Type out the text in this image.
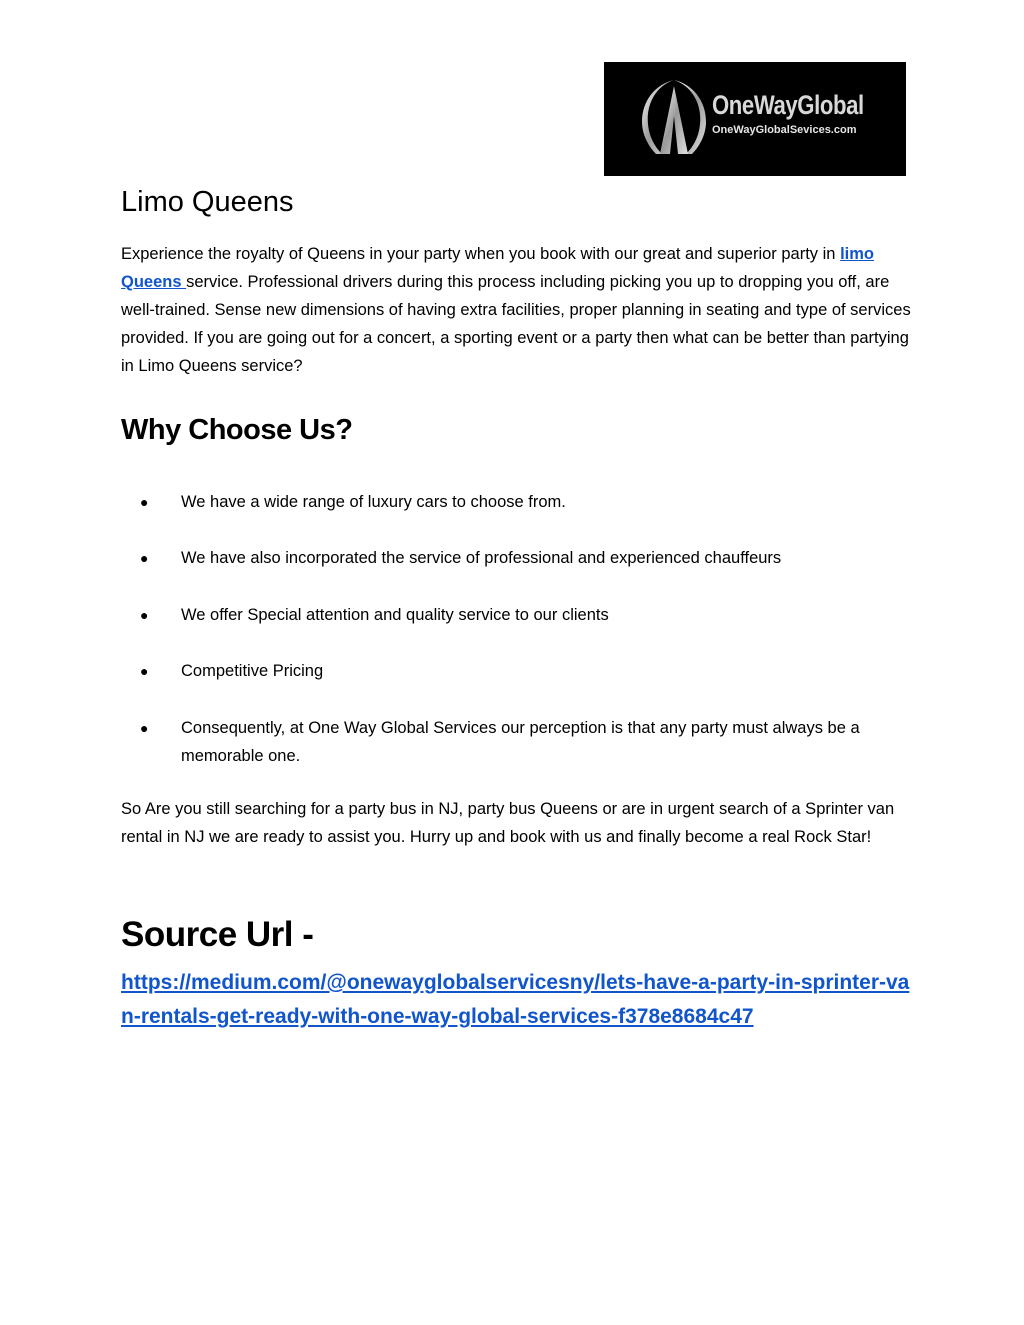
OneWayGlobal
OneWayGlobalSevices.com
Limo Queens

Experience the royalty of Queens in your party when you book with our great and superior party in limo Queens service. Professional drivers during this process including picking you up to dropping you off, are well-trained. Sense new dimensions of having extra facilities, proper planning in seating and type of services provided. If you are going out for a concert, a sporting event or a party then what can be better than partying in Limo Queens service?

Why Choose Us?
● We have a wide range of luxury cars to choose from.
● We have also incorporated the service of professional and experienced chauffeurs
● We offer Special attention and quality service to our clients
● Competitive Pricing
● Consequently, at One Way Global Services our perception is that any party must always be a memorable one.

So Are you still searching for a party bus in NJ, party bus Queens or are in urgent search of a Sprinter van rental in NJ we are ready to assist you. Hurry up and book with us and finally become a real Rock Star!

Source Url -
https://medium.com/@onewayglobalservicesny/lets-have-a-party-in-sprinter-van-rentals-get-ready-with-one-way-global-services-f378e8684c47
